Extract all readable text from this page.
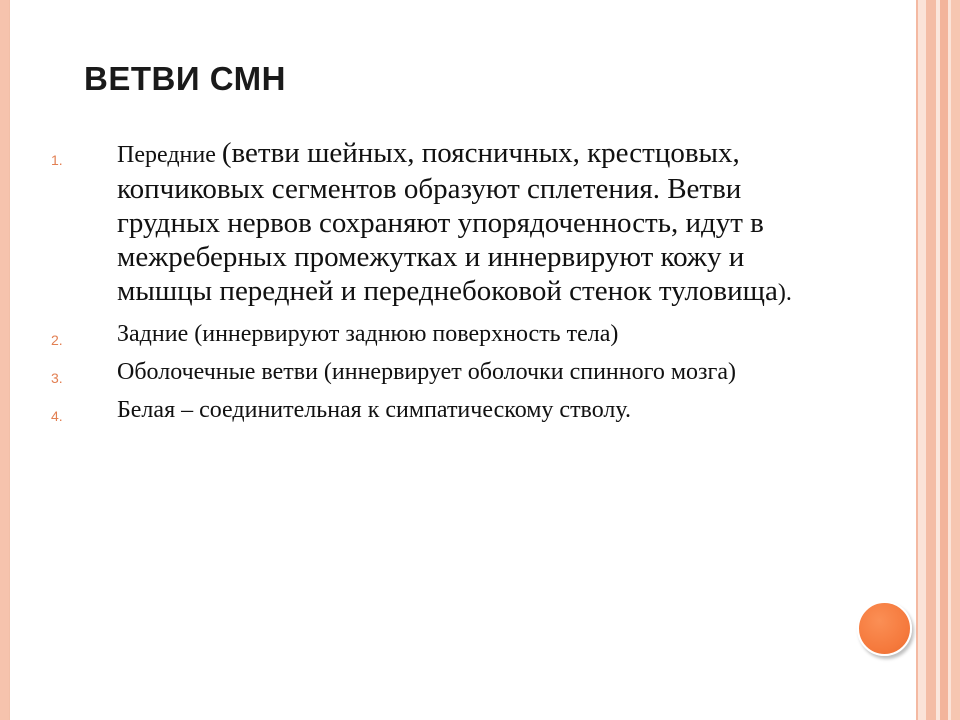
ВЕТВИ СМН
1. Передние (ветви шейных, поясничных, крестцовых, копчиковых сегментов образуют сплетения. Ветви грудных нервов сохраняют упорядоченность, идут в межреберных промежутках и иннервируют кожу и мышцы передней и переднебоковой стенок туловища).
2. Задние (иннервируют заднюю поверхность тела)
3. Оболочечные ветви (иннервирует оболочки спинного мозга)
4. Белая – соединительная к симпатическому стволу.
